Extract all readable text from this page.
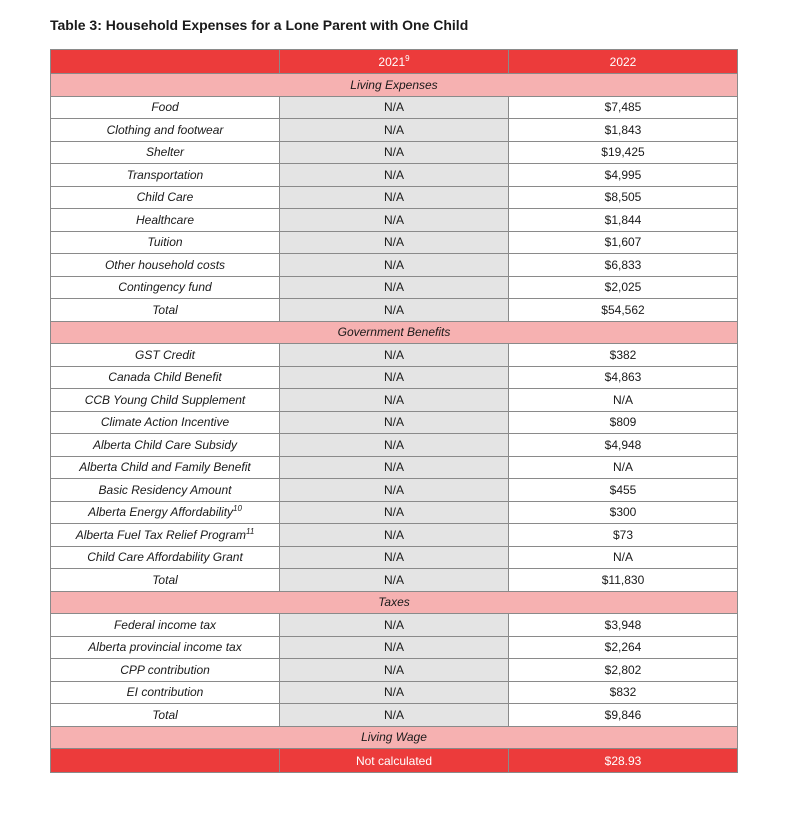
Table 3: Household Expenses for a Lone Parent with One Child
	2021$^9$	2022
Living Expenses		
Food	N/A	$7,485
Clothing and footwear	N/A	$1,843
Shelter	N/A	$19,425
Transportation	N/A	$4,995
Child Care	N/A	$8,505
Healthcare	N/A	$1,844
Tuition	N/A	$1,607
Other household costs	N/A	$6,833
Contingency fund	N/A	$2,025
Total	N/A	$54,562
Government Benefits		
GST Credit	N/A	$382
Canada Child Benefit	N/A	$4,863
CCB Young Child Supplement	N/A	N/A
Climate Action Incentive	N/A	$809
Alberta Child Care Subsidy	N/A	$4,948
Alberta Child and Family Benefit	N/A	N/A
Basic Residency Amount	N/A	$455
Alberta Energy Affordability$^{10}$	N/A	$300
Alberta Fuel Tax Relief Program$^{11}$	N/A	$73
Child Care Affordability Grant	N/A	N/A
Total	N/A	$11,830
Taxes		
Federal income tax	N/A	$3,948
Alberta provincial income tax	N/A	$2,264
CPP contribution	N/A	$2,802
EI contribution	N/A	$832
Total	N/A	$9,846
Living Wage		
	Not calculated	$28.93
